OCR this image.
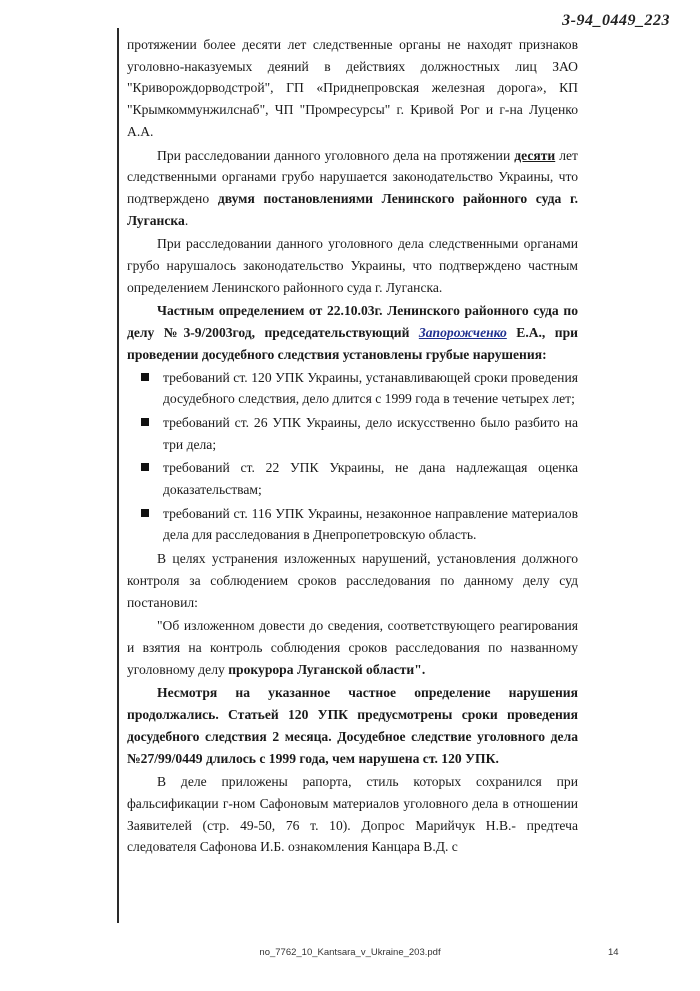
3-94_0449_223

протяжении более десяти лет следственные органы не находят признаков уголовно-наказуемых деяний в действиях должностных лиц ЗАО "Криворождорводстрой", ГП «Приднепровская железная дорога», КП "Крымкоммунжилснаб", ЧП "Промресурсы" г. Кривой Рог и г-на Луценко А.А.

При расследовании данного уголовного дела на протяжении десяти лет следственными органами грубо нарушается законодательство Украины, что подтверждено двумя постановлениями Ленинского районного суда г. Луганска.

При расследовании данного уголовного дела следственными органами грубо нарушалось законодательство Украины, что подтверждено частным определением Ленинского районного суда г. Луганска.

Частным определением от 22.10.03г. Ленинского районного суда по делу №3-9/2003год, председательствующий Запорожченко Е.А., при проведении досудебного следствия установлены грубые нарушения:

требований ст. 120 УПК Украины, устанавливающей сроки проведения досудебного следствия, дело длится с 1999 года в течение четырех лет;
требований ст. 26 УПК Украины, дело искусственно было разбито на три дела;
требований ст. 22 УПК Украины, не дана надлежащая оценка доказательствам;
требований ст. 116 УПК Украины, незаконное направление материалов дела для расследования в Днепропетровскую область.

В целях устранения изложенных нарушений, установления должного контроля за соблюдением сроков расследования по данному делу суд постановил:

"Об изложенном довести до сведения, соответствующего реагирования и взятия на контроль соблюдения сроков расследования по названному уголовному делу прокурора Луганской области".

Несмотря на указанное частное определение нарушения продолжались. Статьей 120 УПК предусмотрены сроки проведения досудебного следствия 2 месяца. Досудебное следствие уголовного дела №27/99/0449 длилось с 1999 года, чем нарушена ст. 120 УПК.

В деле приложены рапорта, стиль которых сохранился при фальсификации г-ном Сафоновым материалов уголовного дела в отношении Заявителей (стр. 49-50, 76 т. 10). Допрос Марийчук Н.В.- предтеча следователя Сафонова И.Б. ознакомления Канцара В.Д. с

no_7762_10_Kantsara_v_Ukraine_203.pdf	14
